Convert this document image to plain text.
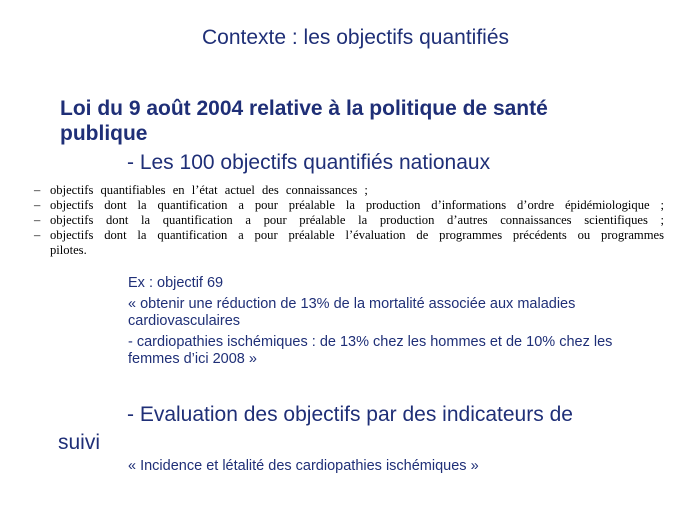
Contexte : les objectifs quantifiés
Loi du 9 août 2004 relative à la politique de santé
publique
- Les 100 objectifs quantifiés nationaux
– objectifs quantifiables en l’état actuel des connaissances ;
– objectifs dont la quantification a pour préalable la production d’informations d’ordre épidémiologique ;
– objectifs dont la quantification a pour préalable la production d’autres connaissances scientifiques ;
– objectifs dont la quantification a pour préalable l’évaluation de programmes précédents ou programmes
pilotes.

Ex : objectif 69

« obtenir une réduction de 13% de la mortalité associée aux maladies cardiovasculaires

- cardiopathies ischémiques : de 13% chez les hommes et de 10% chez les femmes d’ici 2008 »

- Evaluation des objectifs par des indicateurs de
suivi
« Incidence et létalité des cardiopathies ischémiques »
